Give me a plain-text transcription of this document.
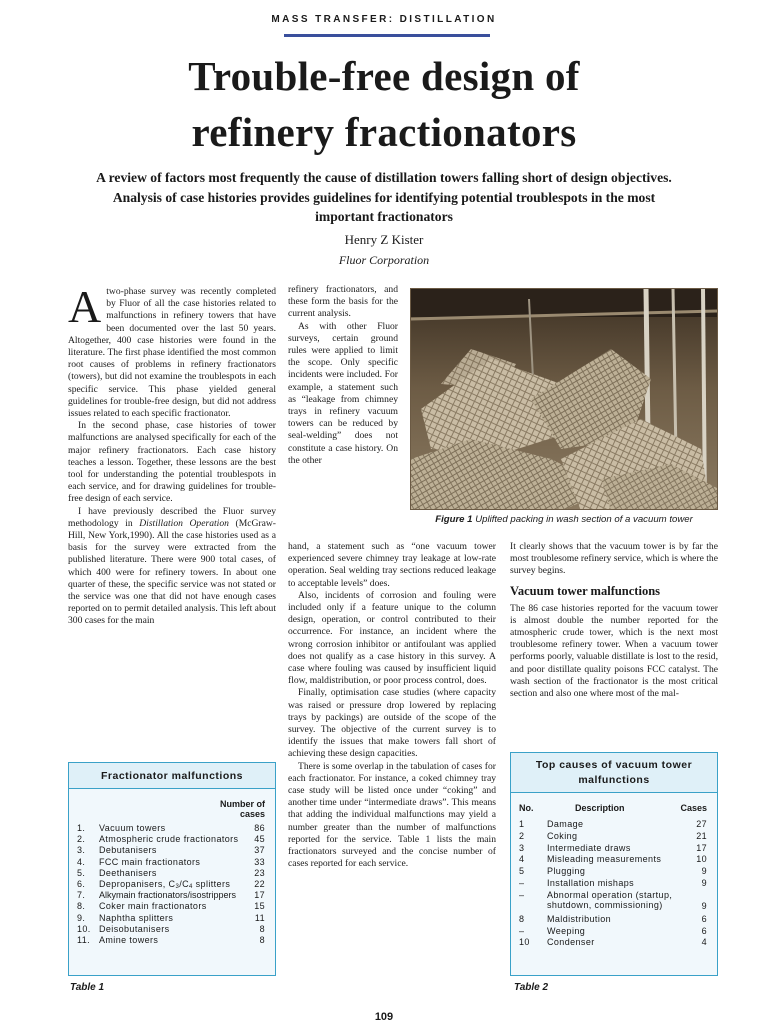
MASS TRANSFER: DISTILLATION
Trouble-free design of
refinery fractionators
A review of factors most frequently the cause of distillation towers falling short of design objectives. Analysis of case histories provides guidelines for identifying potential troublespots in the most important fractionators
Henry Z Kister
Fluor Corporation

Atwo-phase survey was recently completed by Fluor of all the case histories related to malfunctions in refinery towers that have been documented over the last 50 years. Altogether, 400 case histories were found in the literature. The first phase identified the most common root causes of problems in refinery fractionators (towers), but did not examine the troublespots in each specific service. This phase yielded general guidelines for trouble-free design, but did not address issues related to each specific fractionator.

In the second phase, case histories of tower malfunctions are analysed specifically for each of the major refinery fractionators. Each case history teaches a lesson. Together, these lessons are the best tool for understanding the potential troublespots in each service, and for drawing guidelines for trouble-free design of each service.

I have previously described the Fluor survey methodology in Distillation Operation (McGraw-Hill, New York,1990). All the case histories used as a basis for the survey were extracted from the published literature. There were 900 total cases, of which 400 were for refinery towers. In about one quarter of these, the specific service was not stated or the service was one that did not have enough cases reported on to permit detailed analysis. This left about 300 cases for the main

refinery fractionators, and these form the basis for the current analysis.

As with other Fluor surveys, certain ground rules were applied to limit the scope. Only specific incidents were included. For example, a statement such as “leakage from chimney trays in refinery vacuum towers can be reduced by seal-welding” does not constitute a case history. On the other

Figure 1 Uplifted packing in wash section of a vacuum tower

hand, a statement such as “one vacuum tower experienced severe chimney tray leakage at low-rate operation. Seal welding tray sections reduced leakage to acceptable levels” does.

Also, incidents of corrosion and fouling were included only if a feature unique to the column design, operation, or control contributed to their occurrence. For instance, an incident where the wrong corrosion inhibitor or antifoulant was applied does not qualify as a case history in this survey. A case where fouling was caused by insufficient liquid flow, maldistribution, or poor process control, does.

Finally, optimisation case studies (where capacity was raised or pressure drop lowered by replacing trays by packings) are outside of the scope of the survey. The objective of the current survey is to identify the issues that make towers fall short of achieving these design capacities.

There is some overlap in the tabulation of cases for each fractionator. For instance, a coked chimney tray case study will be listed once under “coking” and another time under “intermediate draws”. This means that adding the individual malfunctions may yield a number greater than the number of malfunctions reported for the service. Table 1 lists the main fractionators surveyed and the concise number of cases reported for each service.

It clearly shows that the vacuum tower is by far the most troublesome refinery service, which is where the survey begins.

Vacuum tower malfunctions

The 86 case histories reported for the vacuum tower is almost double the number reported for the atmospheric crude tower, which is the next most troublesome refinery tower. When a vacuum tower performs poorly, valuable distillate is lost to the resid, and poor distillate quality poisons FCC catalyst. The wash section of the fractionator is the most critical section and also one where most of the mal-

Fractionator malfunctions
Number of
cases
1. Vacuum towers	86
2. Atmospheric crude fractionators 45
3. Debutanisers	37
4. FCC main fractionators	33
5. Deethanisers	23
6. Depropanisers, $C_3/C_4$ splitters	22
7. Alkymain fractionators/isostrippers 17
8. Coker main fractionators	15
9. Naphtha splitters	11
10. Deisobutanisers	8
11. Amine towers	8
Table 1
Top causes of vacuum tower
malfunctions
No.	Description	Cases
1	Damage	27
2	Coking	21
3	Intermediate draws	17
4	Misleading measurements	10
5	Plugging	9
–	Installation mishaps	9
–	Abnormal operation (startup, shutdown, commissioning)	9
8	Maldistribution	6
–	Weeping	6
10 Condenser	4
Table 2
109
